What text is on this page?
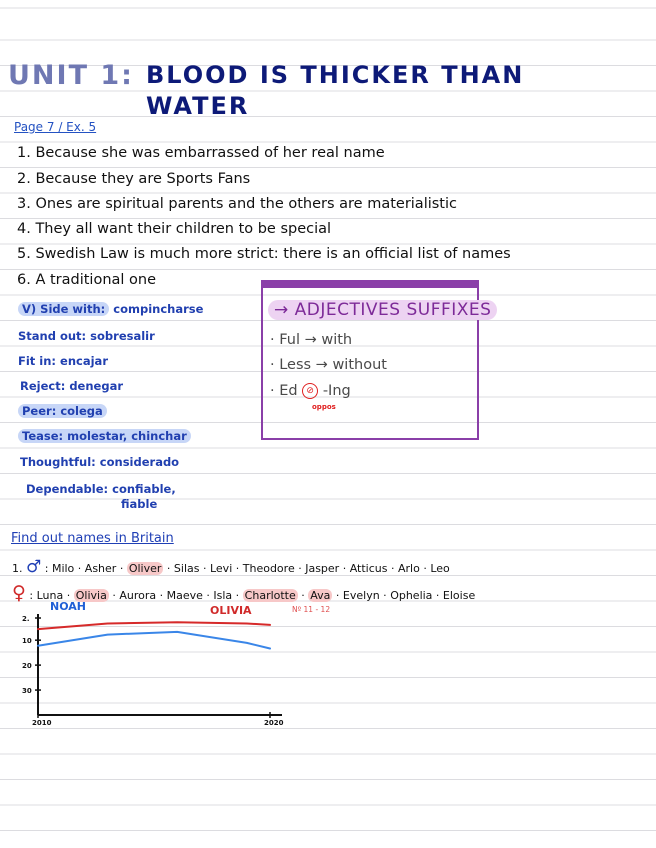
UNIT 1: BLOOD IS THICKER THAN WATER
Page 7 / Ex. 5
1. Because she was embarrassed of her real name
2. Because they are Sports Fans
3. Ones are spiritual parents and the others are materialistic
4. They all want their children to be special
5. Swedish Law is much more strict: there is an official list of names
6. A traditional one
V) Side with: compincharse
Stand out: sobresalir
Fit in: encajar
Reject: denegar
Peer: colega
Tease: molestar, chinchar
Thoughtful: considerado
Dependable: confiable,
fiable
→ ADJECTIVES SUFFIXES
· Ful → with
· Less → without
· Ed ⊘ -Ing
oppos
Find out names in Britain
1. ♂ : Milo · Asher · Oliver · Silas · Levi · Theodore · Jasper · Atticus · Arlo · Leo
♀ : Luna · Olivia · Aurora · Maeve · Isla · Charlotte · Ava · Evelyn · Ophelia · Eloise
NOAH	OLIVIA	Nº 11 - 12
2.
10
20
30
2010	2020
